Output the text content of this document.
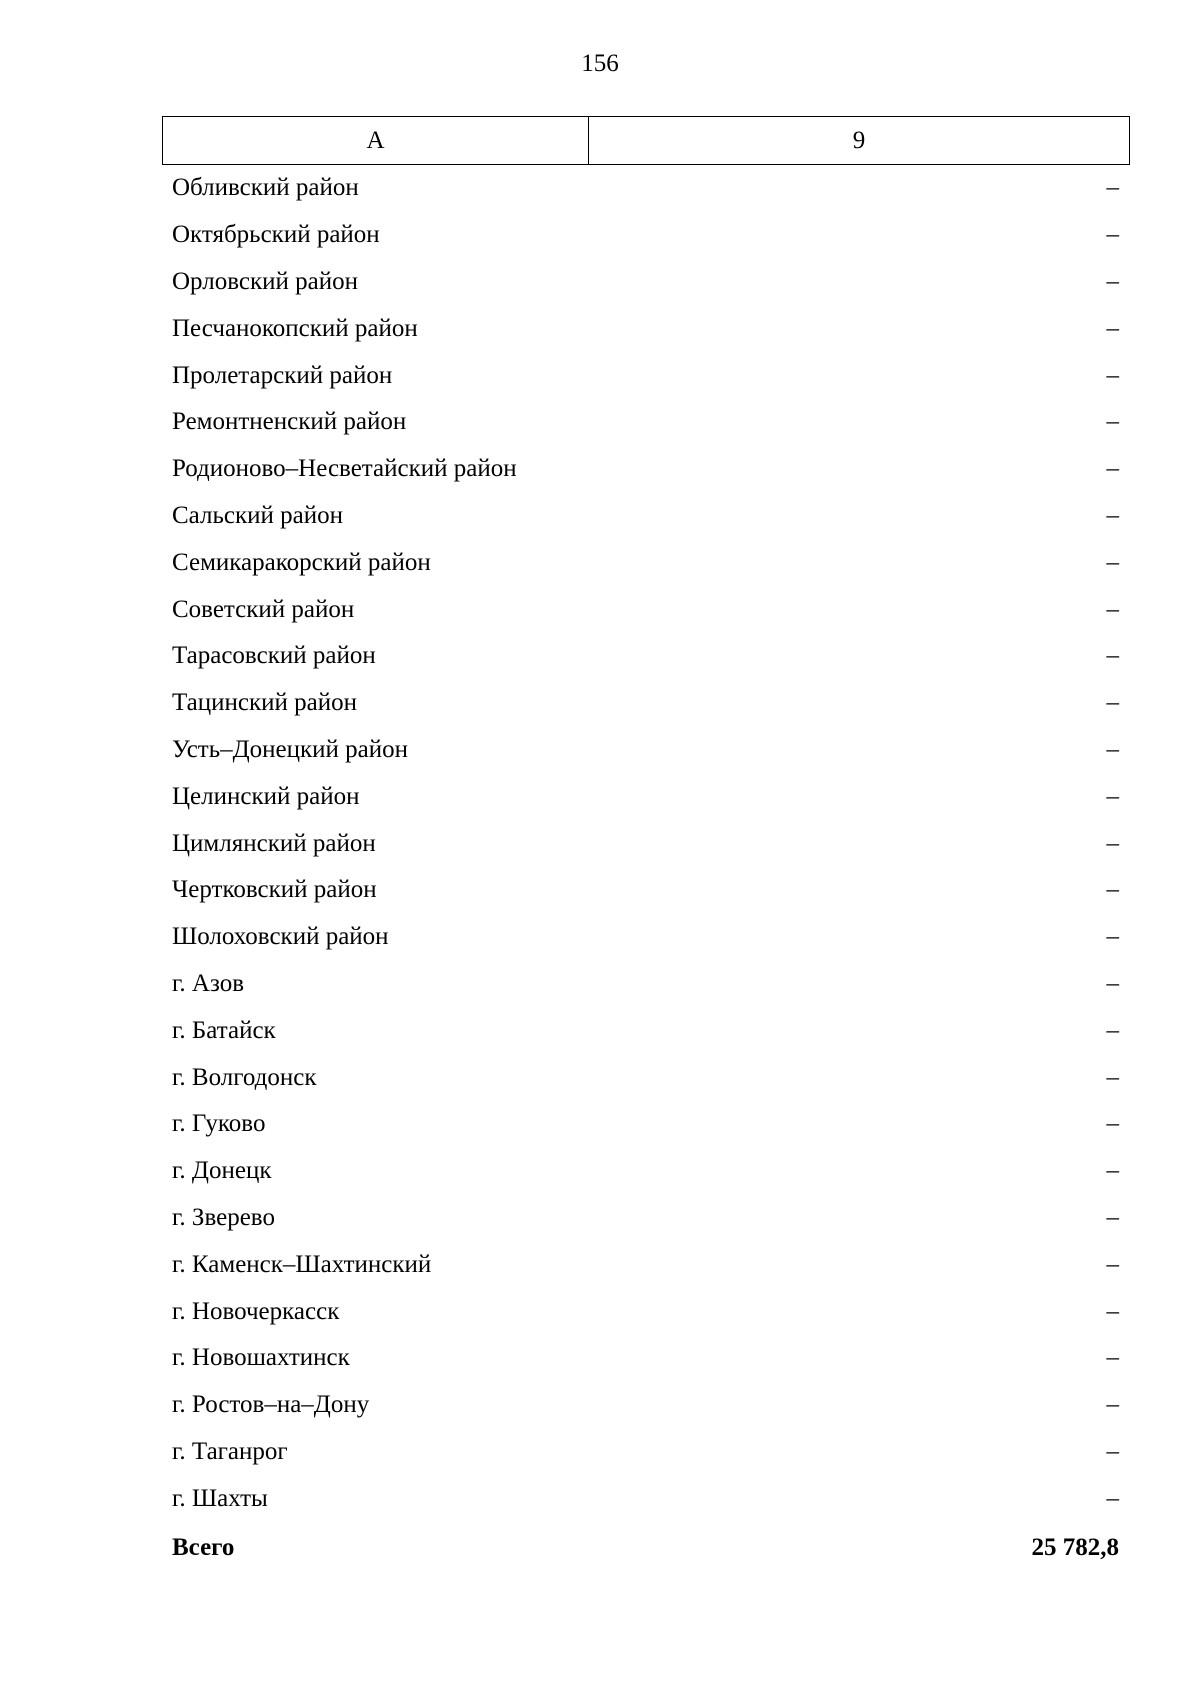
156
А	9
Обливский район	–
Октябрьский район	–
Орловский район	–
Песчанокопский район	–
Пролетарский район	–
Ремонтненский район	–
Родионово–Несветайский район	–
Сальский район	–
Семикаракорский район	–
Советский район	–
Тарасовский район	–
Тацинский район	–
Усть–Донецкий район	–
Целинский район	–
Цимлянский район	–
Чертковский район	–
Шолоховский район	–
г. Азов	–
г. Батайск	–
г. Волгодонск	–
г. Гуково	–
г. Донецк	–
г. Зверево	–
г. Каменск–Шахтинский	–
г. Новочеркасск	–
г. Новошахтинск	–
г. Ростов–на–Дону	–
г. Таганрог	–
г. Шахты	–
Всего	25 782,8
